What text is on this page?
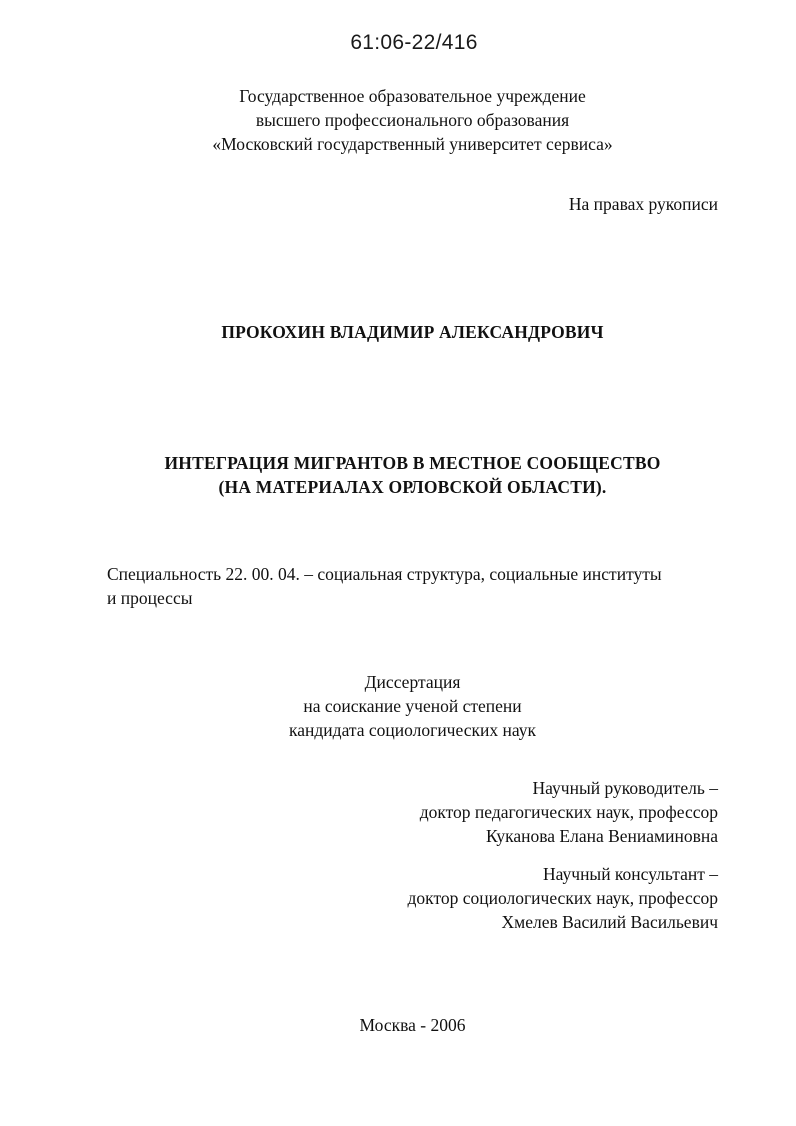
61:06-22/416
Государственное образовательное учреждение
высшего профессионального образования
«Московский государственный университет сервиса»
На правах рукописи
ПРОКОХИН ВЛАДИМИР АЛЕКСАНДРОВИЧ
ИНТЕГРАЦИЯ МИГРАНТОВ В МЕСТНОЕ СООБЩЕСТВО
(НА МАТЕРИАЛАХ ОРЛОВСКОЙ ОБЛАСТИ).
Специальность 22. 00. 04. – социальная структура, социальные институты
и процессы
Диссертация
на соискание ученой степени
кандидата социологических наук
Научный руководитель –
доктор педагогических наук, профессор
Куканова Елана Вениаминовна
Научный консультант –
доктор социологических наук, профессор
Хмелев Василий Васильевич
Москва - 2006
